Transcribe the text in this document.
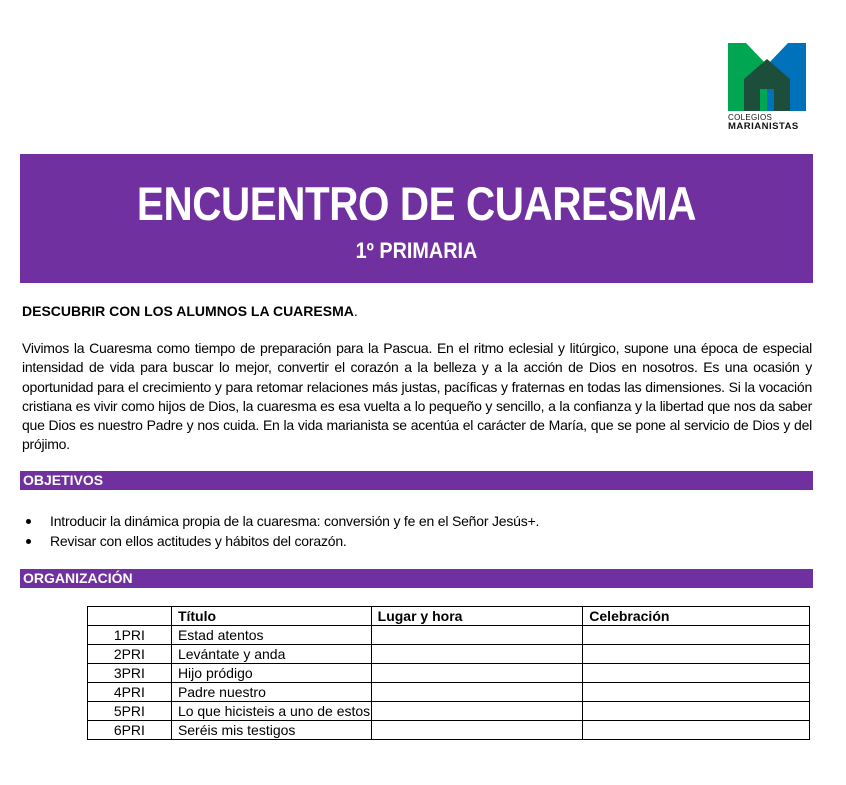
COLEGIOS
MARIANISTAS
ENCUENTRO DE CUARESMA
1º PRIMARIA
DESCUBRIR CON LOS ALUMNOS LA CUARESMA.
Vivimos la Cuaresma como tiempo de preparación para la Pascua. En el ritmo eclesial y litúrgico, supone una época de especial intensidad de vida para buscar lo mejor, convertir el corazón a la belleza y a la acción de Dios en nosotros. Es una ocasión y oportunidad para el crecimiento y para retomar relaciones más justas, pacíficas y fraternas en todas las dimensiones. Si la vocación cristiana es vivir como hijos de Dios, la cuaresma es esa vuelta a lo pequeño y sencillo, a la confianza y la libertad que nos da saber que Dios es nuestro Padre y nos cuida. En la vida marianista se acentúa el carácter de María, que se pone al servicio de Dios y del prójimo.
OBJETIVOS
Introducir la dinámica propia de la cuaresma: conversión y fe en el Señor Jesús+.
Revisar con ellos actitudes y hábitos del corazón.
ORGANIZACIÓN
	Título	Lugar y hora	Celebración
1PRI	Estad atentos		
2PRI	Levántate y anda		
3PRI	Hijo pródigo		
4PRI	Padre nuestro		
5PRI	Lo que hicisteis a uno de estos		
6PRI	Seréis mis testigos		
